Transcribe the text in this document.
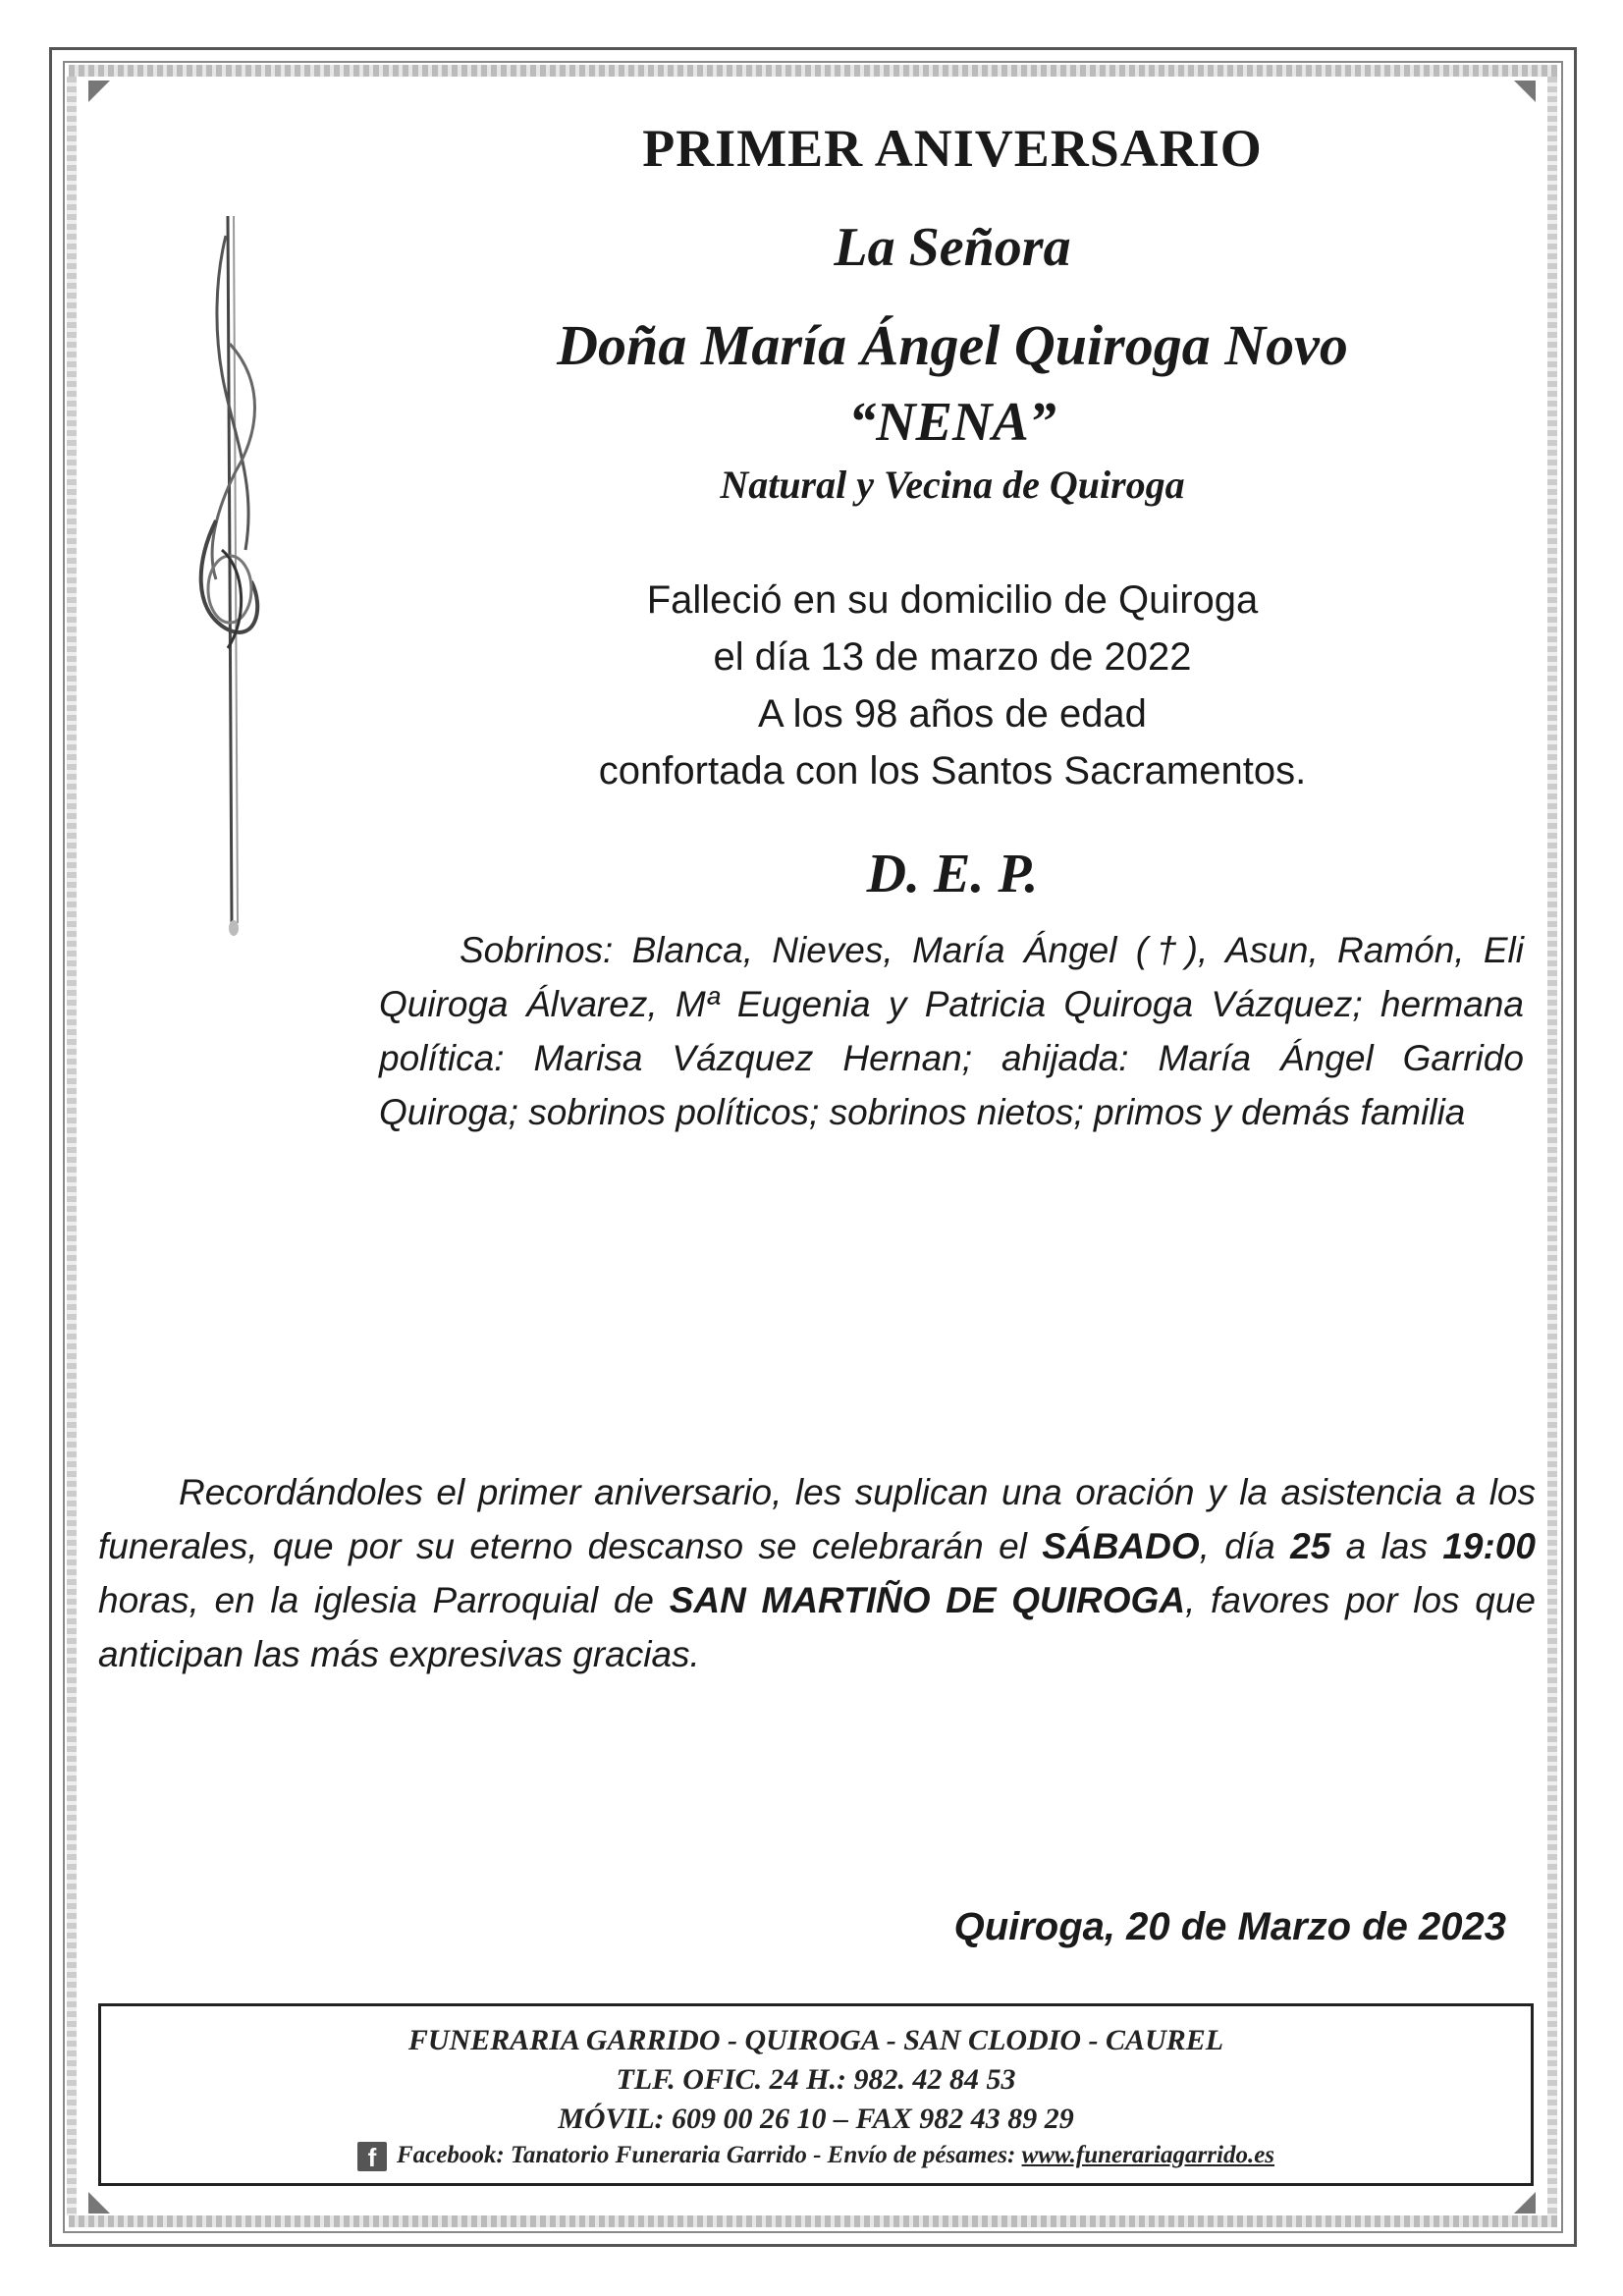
PRIMER ANIVERSARIO
La Señora
Doña María Ángel Quiroga Novo
“NENA”
Natural y Vecina de Quiroga
Falleció en su domicilio de Quiroga
el día 13 de marzo de 2022
A los 98 años de edad
confortada con los Santos Sacramentos.
D. E. P.
Sobrinos: Blanca, Nieves, María Ángel (†), Asun, Ramón, Eli Quiroga Álvarez, Mª Eugenia y Patricia Quiroga Vázquez; hermana política: Marisa Vázquez Hernan; ahijada: María Ángel Garrido Quiroga; sobrinos políticos; sobrinos nietos; primos y demás familia
Recordándoles el primer aniversario, les suplican una oración y la asistencia a los funerales, que por su eterno descanso se celebrarán el SÁBADO, día 25 a las 19:00 horas, en la iglesia Parroquial de SAN MARTIÑO DE QUIROGA, favores por los que anticipan las más expresivas gracias.
Quiroga, 20 de Marzo de 2023
FUNERARIA GARRIDO - QUIROGA - SAN CLODIO - CAUREL
TLF. OFIC. 24 H.: 982. 42 84 53
MÓVIL: 609 00 26 10 – FAX 982 43 89 29
f Facebook: Tanatorio Funeraria Garrido - Envío de pésames: www.funerariagarrido.es
